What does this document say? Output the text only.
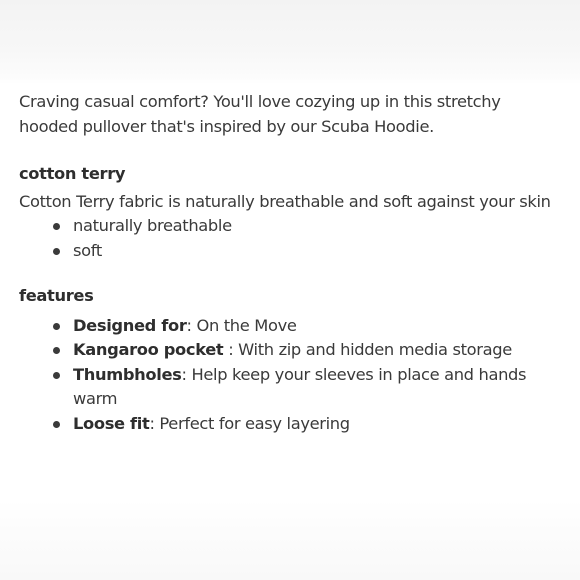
Craving casual comfort? You'll love cozying up in this stretchy
hooded pullover that's inspired by our Scuba Hoodie.

cotton terry

Cotton Terry fabric is naturally breathable and soft against your skin

naturally breathable
soft

features

Designed for: On the Move
Kangaroo pocket : With zip and hidden media storage
Thumbholes: Help keep your sleeves in place and hands warm
Loose fit: Perfect for easy layering
